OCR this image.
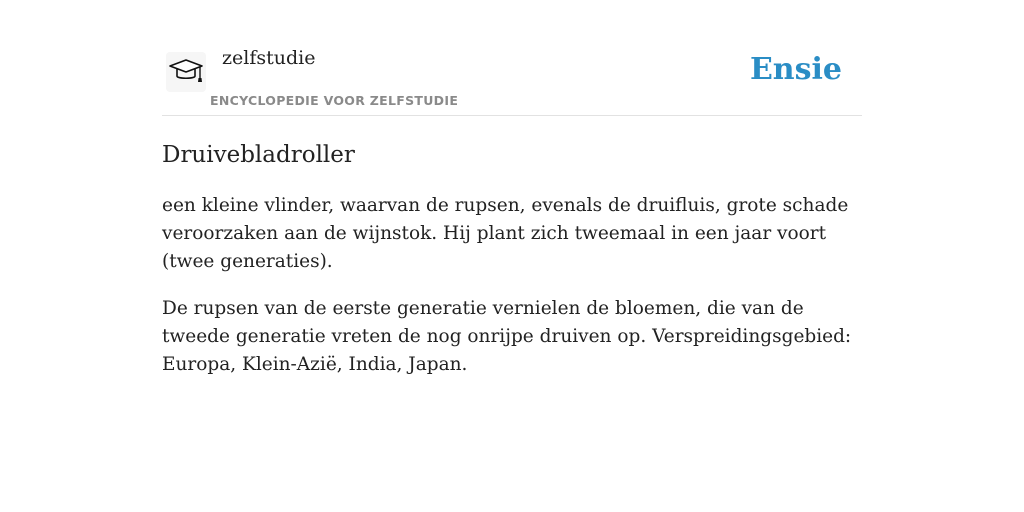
zelfstudie
ENCYCLOPEDIE VOOR ZELFSTUDIE
Ensie
Druivebladroller

een kleine vlinder, waarvan de rupsen, evenals de druifluis, grote schade veroorzaken aan de wijnstok. Hij plant zich tweemaal in een jaar voort (twee generaties).

De rupsen van de eerste generatie vernielen de bloemen, die van de tweede generatie vreten de nog onrijpe druiven op. Verspreidingsgebied: Europa, Klein-Azië, India, Japan.
